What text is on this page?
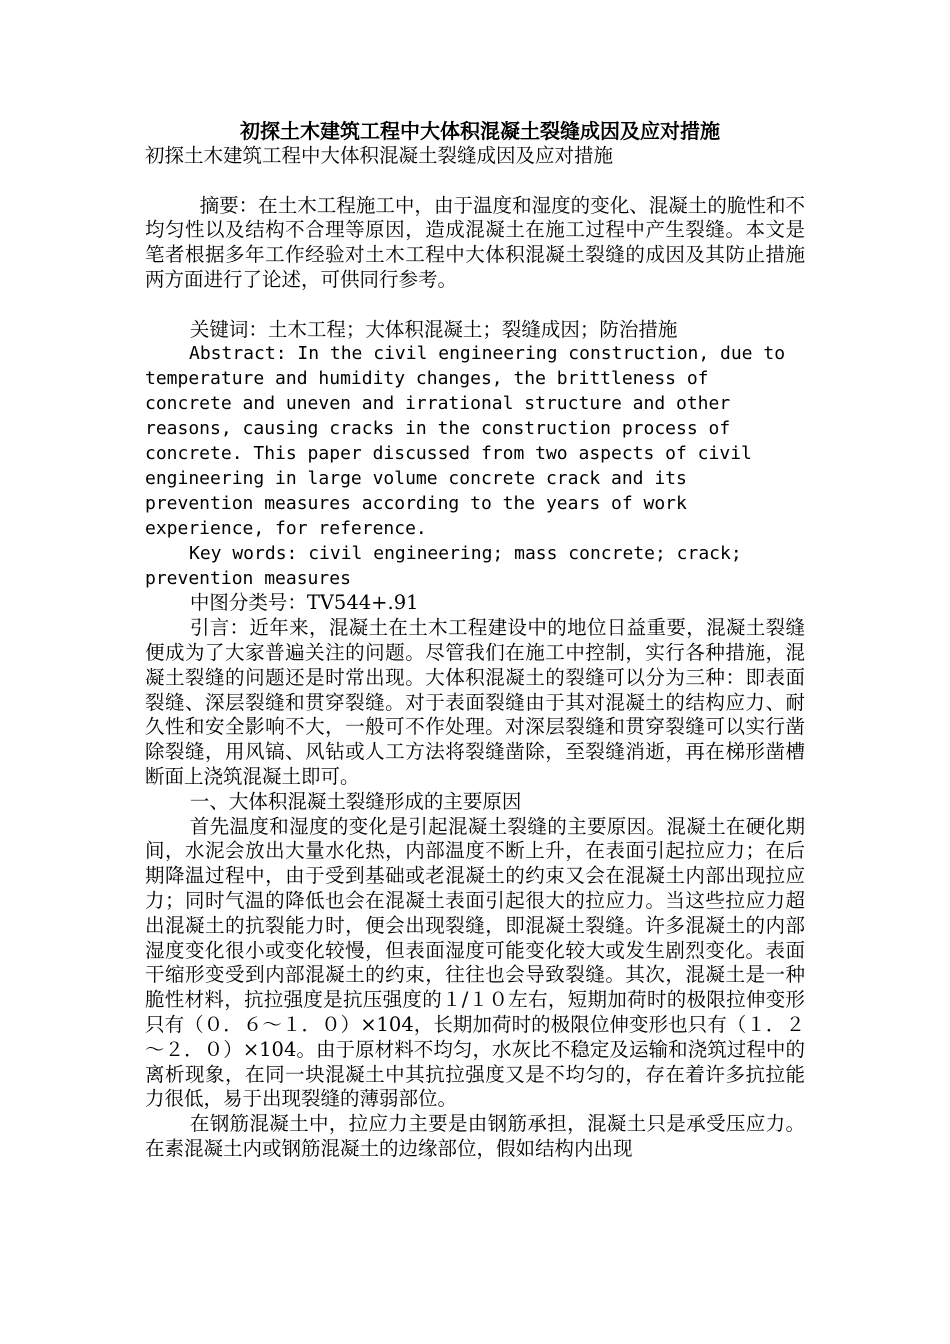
初探土木建筑工程中大体积混凝土裂缝成因及应对措施

初探土木建筑工程中大体积混凝土裂缝成因及应对措施

摘要：在土木工程施工中，由于温度和湿度的变化、混凝土的脆性和不均匀性以及结构不合理等原因，造成混凝土在施工过程中产生裂缝。本文是笔者根据多年工作经验对土木工程中大体积混凝土裂缝的成因及其防止措施两方面进行了论述，可供同行参考。

关键词：土木工程；大体积混凝土；裂缝成因；防治措施

Abstract: In the civil engineering construction, due to

temperature and humidity changes, the brittleness of
concrete and uneven and irrational structure and other
reasons, causing cracks in the construction process of
concrete. This paper discussed from two aspects of civil
engineering in large volume concrete crack and its
prevention measures according to the years of work
experience, for reference.

Key words: civil engineering; mass concrete; crack;

prevention measures

中图分类号：TV544+.91

引言：近年来，混凝土在土木工程建设中的地位日益重要，混凝土裂缝便成为了大家普遍关注的问题。尽管我们在施工中控制，实行各种措施，混凝土裂缝的问题还是时常出现。大体积混凝土的裂缝可以分为三种：即表面裂缝、深层裂缝和贯穿裂缝。对于表面裂缝由于其对混凝土的结构应力、耐久性和安全影响不大，一般可不作处理。对深层裂缝和贯穿裂缝可以实行凿除裂缝，用风镐、风钻或人工方法将裂缝凿除，至裂缝消逝，再在梯形凿槽断面上浇筑混凝土即可。

一、大体积混凝土裂缝形成的主要原因

首先温度和湿度的变化是引起混凝土裂缝的主要原因。混凝土在硬化期间，水泥会放出大量水化热，内部温度不断上升，在表面引起拉应力；在后期降温过程中，由于受到基础或老混凝土的约束又会在混凝土内部出现拉应力；同时气温的降低也会在混凝土表面引起很大的拉应力。当这些拉应力超出混凝土的抗裂能力时，便会出现裂缝，即混凝土裂缝。许多混凝土的内部湿度变化很小或变化较慢，但表面湿度可能变化较大或发生剧烈变化。表面干缩形变受到内部混凝土的约束，往往也会导致裂缝。其次，混凝土是一种脆性材料，抗拉强度是抗压强度的１/１０左右，短期加荷时的极限拉伸变形只有（０．６～１．０）×104，长期加荷时的极限位伸变形也只有（１．２～２．０）×104。由于原材料不均匀，水灰比不稳定及运输和浇筑过程中的离析现象，在同一块混凝土中其抗拉强度又是不均匀的，存在着许多抗拉能力很低，易于出现裂缝的薄弱部位。

在钢筋混凝土中，拉应力主要是由钢筋承担，混凝土只是承受压应力。在素混凝土内或钢筋混凝土的边缘部位，假如结构内出现
